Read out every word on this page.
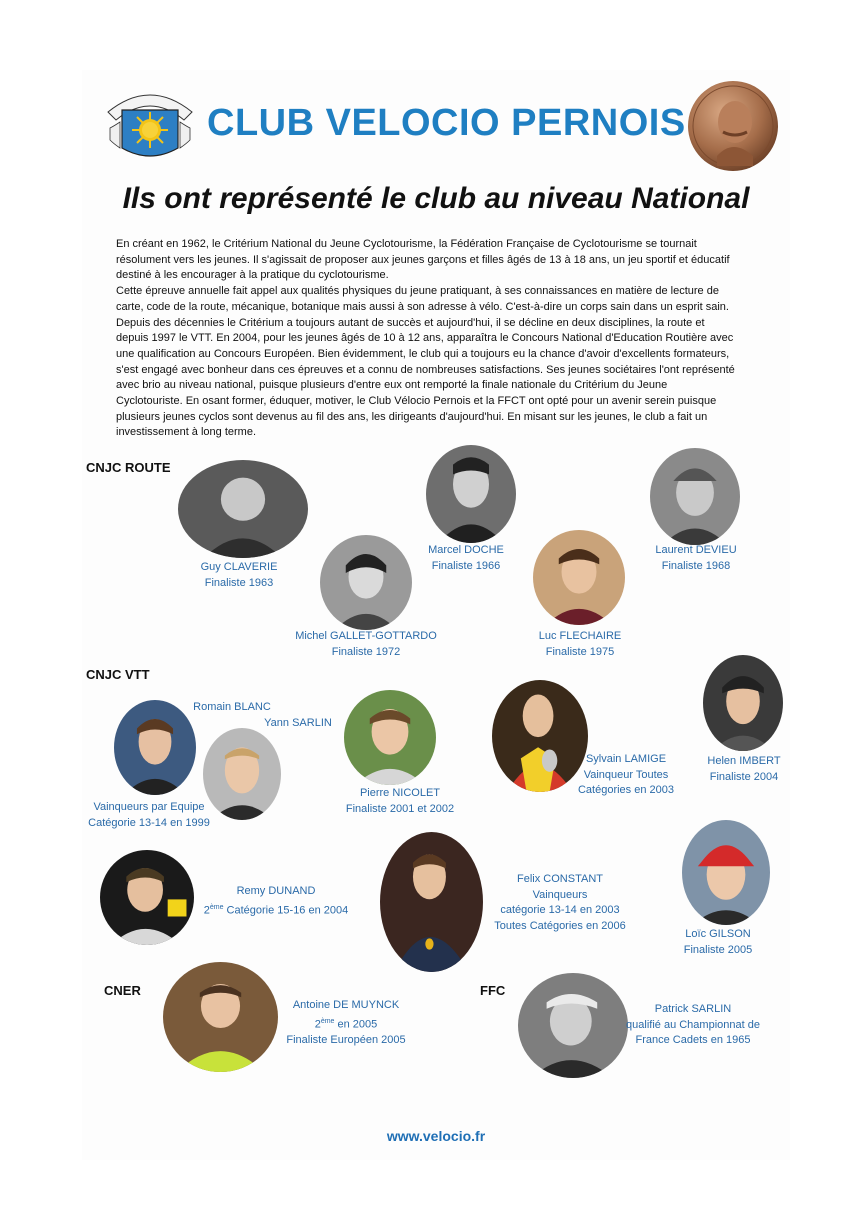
CLUB VELOCIO PERNOIS
Ils ont représenté le club au niveau National

En créant en 1962, le Critérium National du Jeune Cyclotourisme, la Fédération Française de Cyclotourisme se tournait

résolument vers les jeunes. Il s'agissait de proposer aux jeunes garçons et filles âgés de 13 à 18 ans, un jeu sportif et éducatif

destiné à les encourager à la pratique du cyclotourisme.

Cette épreuve annuelle fait appel aux qualités physiques du jeune pratiquant, à ses connaissances en matière de lecture de

carte, code de la route, mécanique, botanique mais aussi à son adresse à vélo. C'est-à-dire un corps sain dans un esprit sain.

Depuis des décennies le Critérium a toujours autant de succès et aujourd'hui, il se décline en deux disciplines, la route et

depuis 1997 le VTT. En 2004, pour les jeunes âgés de 10 à 12 ans, apparaîtra le Concours National d'Education Routière avec

une qualification au Concours Européen. Bien évidemment, le club qui a toujours eu la chance d'avoir d'excellents formateurs,

s'est engagé avec bonheur dans ces épreuves et a connu de nombreuses satisfactions. Ses jeunes sociétaires l'ont représenté

avec brio au niveau national, puisque plusieurs d'entre eux ont remporté la finale nationale du Critérium du Jeune

Cyclotouriste. En osant former, éduquer, motiver, le Club Vélocio Pernois et la FFCT ont opté pour un avenir serein puisque

plusieurs jeunes cyclos sont devenus au fil des ans, les dirigeants d'aujourd'hui. En misant sur les jeunes, le club a fait un

investissement à long terme.

CNJC ROUTE
CNJC VTT
CNER	FFC
Guy CLAVERIE
Finaliste 1963
Marcel DOCHE
Finaliste 1966
Laurent DEVIEU
Finaliste 1968
Michel GALLET-GOTTARDO
Finaliste 1972
Luc FLECHAIRE
Finaliste 1975
Romain BLANC
Yann SARLIN
Vainqueurs par Equipe
Catégorie 13-14 en 1999
Pierre NICOLET
Finaliste 2001 et 2002
Sylvain LAMIGE
Vainqueur Toutes
Catégories en 2003
Helen IMBERT
Finaliste 2004
Remy DUNAND
2ème Catégorie 15-16 en 2004
Felix CONSTANT
Vainqueurs
catégorie 13-14 en 2003
Toutes Catégories en 2006
Loïc GILSON
Finaliste 2005
Antoine DE MUYNCK
2ème en 2005
Finaliste Européen 2005
Patrick SARLIN
qualifié au Championnat de
France Cadets en 1965
www.velocio.fr
